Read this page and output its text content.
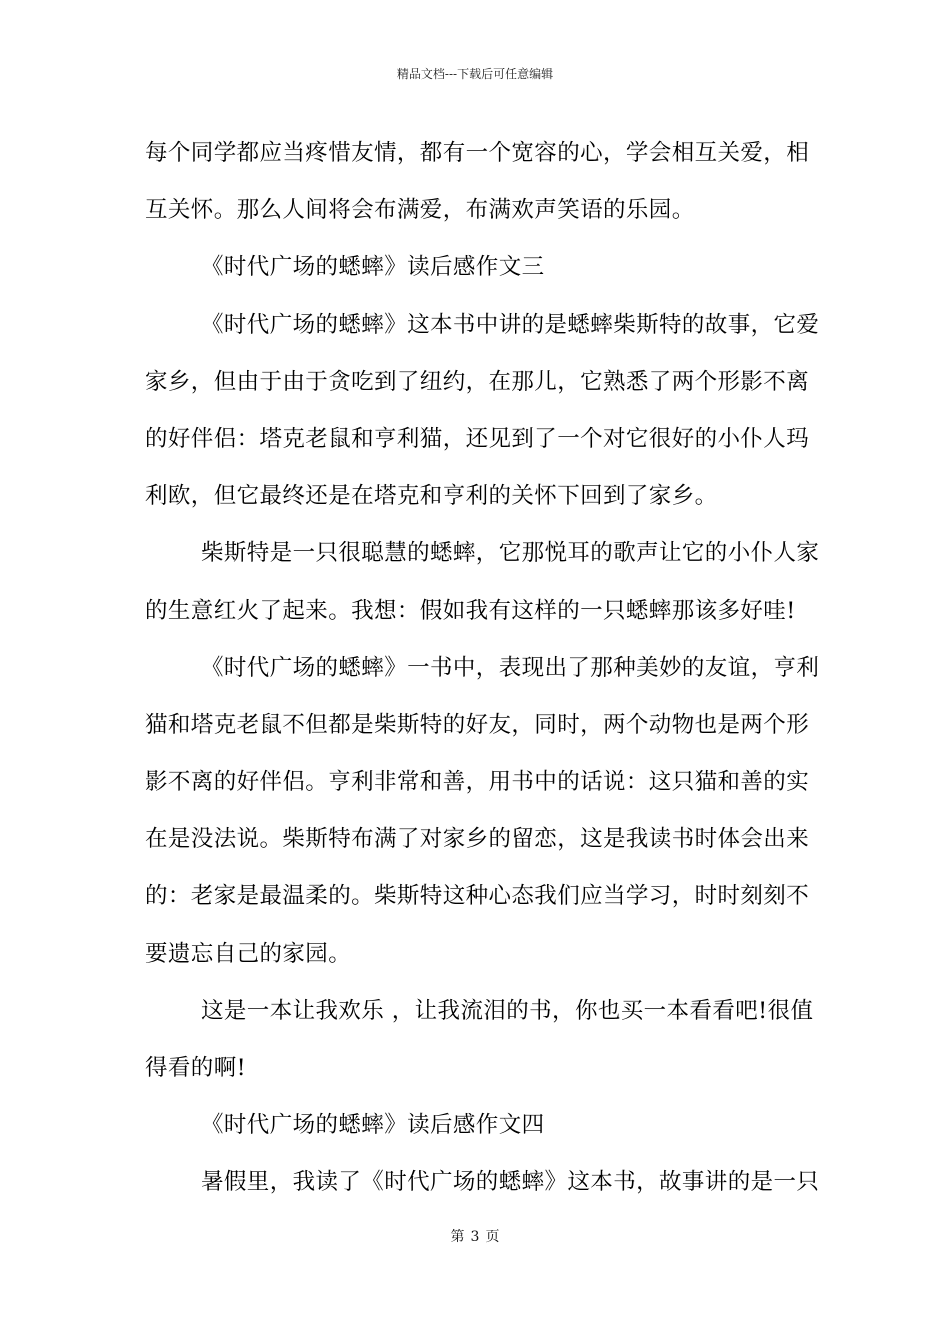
精品文档---下载后可任意编辑
每个同学都应当疼惜友情，都有一个宽容的心，学会相互关爱，相
互关怀。那么人间将会布满爱，布满欢声笑语的乐园。
《时代广场的蟋蟀》读后感作文三
《时代广场的蟋蟀》这本书中讲的是蟋蟀柴斯特的故事，它爱
家乡，但由于由于贪吃到了纽约，在那儿，它熟悉了两个形影不离
的好伴侣：塔克老鼠和亨利猫，还见到了一个对它很好的小仆人玛
利欧，但它最终还是在塔克和亨利的关怀下回到了家乡。
柴斯特是一只很聪慧的蟋蟀，它那悦耳的歌声让它的小仆人家
的生意红火了起来。我想：假如我有这样的一只蟋蟀那该多好哇!
《时代广场的蟋蟀》一书中，表现出了那种美妙的友谊，亨利
猫和塔克老鼠不但都是柴斯特的好友，同时，两个动物也是两个形
影不离的好伴侣。亨利非常和善，用书中的话说：这只猫和善的实
在是没法说。柴斯特布满了对家乡的留恋，这是我读书时体会出来
的：老家是最温柔的。柴斯特这种心态我们应当学习，时时刻刻不
要遗忘自己的家园。
这是一本让我欢乐 ，让我流泪的书，你也买一本看看吧!很值
得看的啊!
《时代广场的蟋蟀》读后感作文四
暑假里，我读了《时代广场的蟋蟀》这本书，故事讲的是一只
第 3 页
